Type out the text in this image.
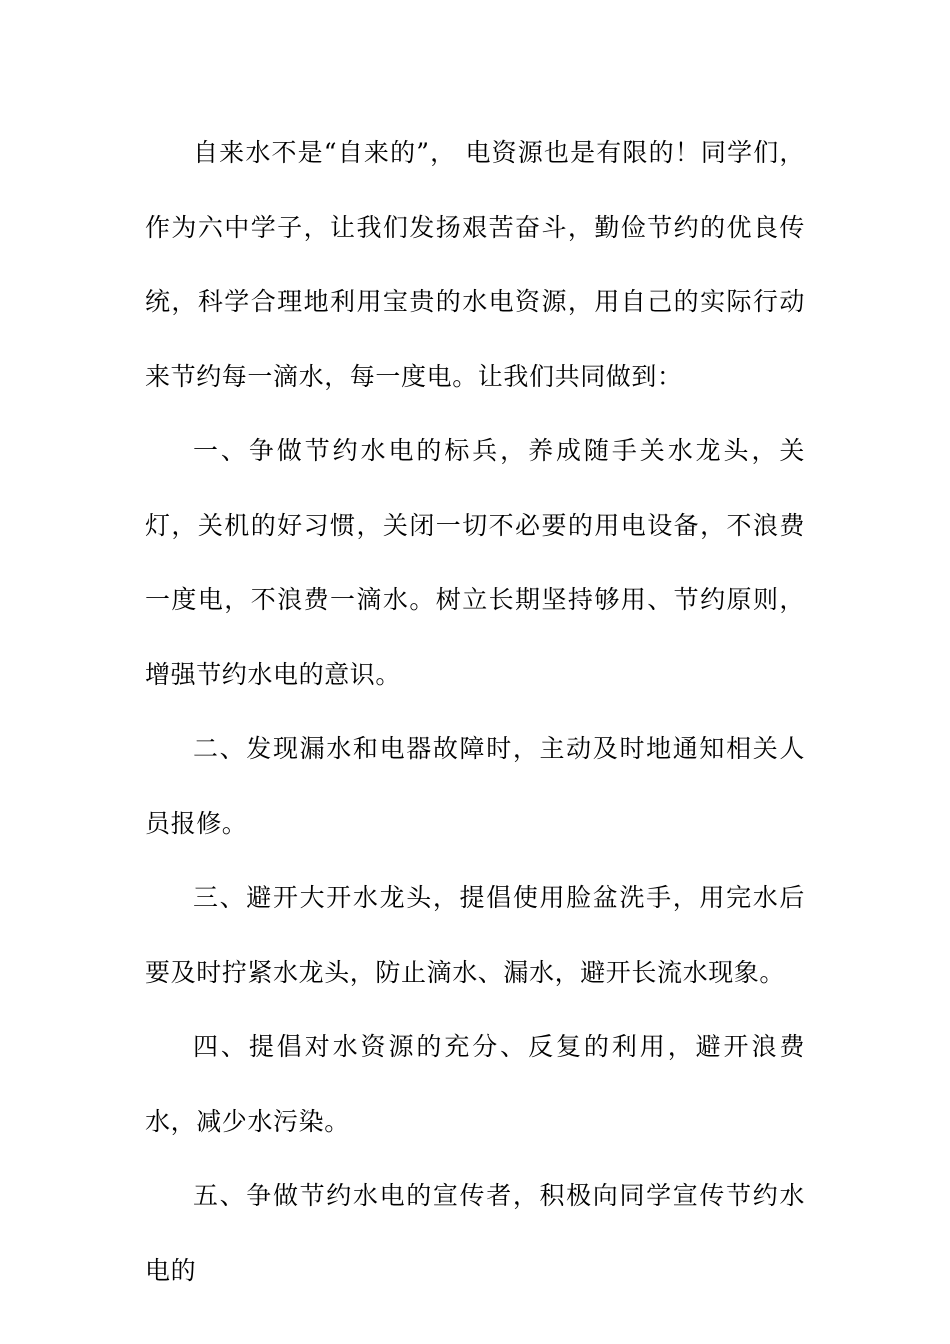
自来水不是“自来的”， 电资源也是有限的！同学们，作为六中学子，让我们发扬艰苦奋斗，勤俭节约的优良传统，科学合理地利用宝贵的水电资源，用自己的实际行动来节约每一滴水，每一度电。让我们共同做到：

一、争做节约水电的标兵，养成随手关水龙头，关灯，关机的好习惯，关闭一切不必要的用电设备，不浪费一度电，不浪费一滴水。树立长期坚持够用、节约原则，增强节约水电的意识。

二、发现漏水和电器故障时，主动及时地通知相关人员报修。

三、避开大开水龙头，提倡使用脸盆洗手，用完水后要及时拧紧水龙头，防止滴水、漏水，避开长流水现象。

四、提倡对水资源的充分、反复的利用，避开浪费水，减少水污染。

五、争做节约水电的宣传者，积极向同学宣传节约水电的
